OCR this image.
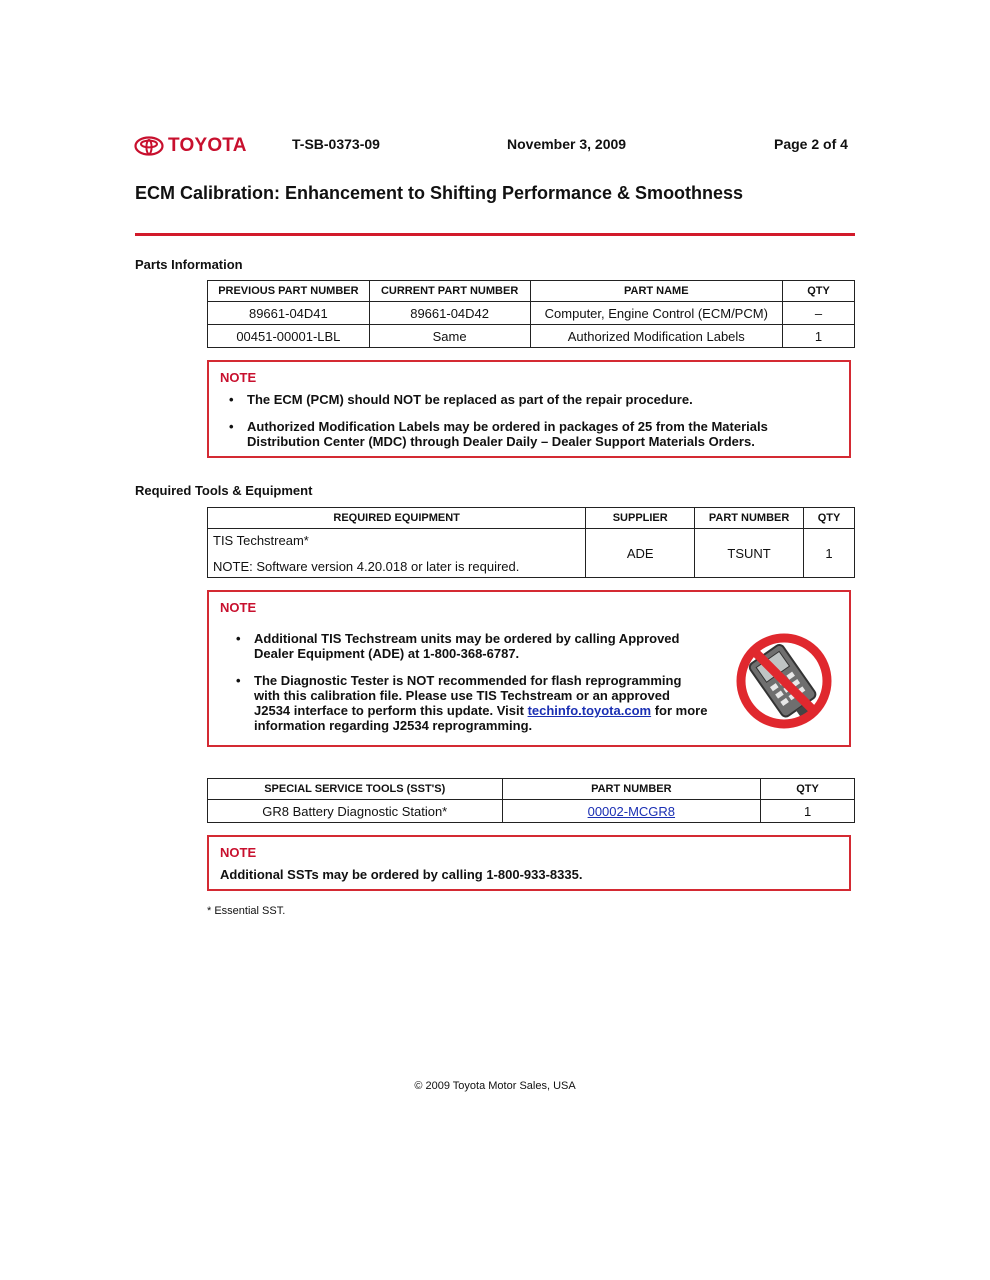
TOYOTA	T-SB-0373-09	November 3, 2009	Page 2 of 4
ECM Calibration: Enhancement to Shifting Performance & Smoothness
Parts Information
PREVIOUS PART NUMBER	CURRENT PART NUMBER	PART NAME	QTY
89661-04D41	89661-04D42	Computer, Engine Control (ECM/PCM)	–
00451-00001-LBL	Same	Authorized Modification Labels	1
NOTE
• The ECM (PCM) should NOT be replaced as part of the repair procedure.
• Authorized Modification Labels may be ordered in packages of 25 from the Materials
Distribution Center (MDC) through Dealer Daily – Dealer Support Materials Orders.
Required Tools & Equipment
REQUIRED EQUIPMENT	SUPPLIER	PART NUMBER	QTY

TIS Techstream*
NOTE: Software version 4.20.018 or later is required.	ADE	TSUNT	1
NOTE
• Additional TIS Techstream units may be ordered by calling Approved
Dealer Equipment (ADE) at 1-800-368-6787.
• The Diagnostic Tester is NOT recommended for flash reprogramming
with this calibration file. Please use TIS Techstream or an approved
J2534 interface to perform this update. Visit techinfo.toyota.com for more
information regarding J2534 reprogramming.
SPECIAL SERVICE TOOLS (SST'S)	PART NUMBER	QTY
GR8 Battery Diagnostic Station*	00002-MCGR8	1
NOTE
Additional SSTs may be ordered by calling 1-800-933-8335.
* Essential SST.
© 2009 Toyota Motor Sales, USA
